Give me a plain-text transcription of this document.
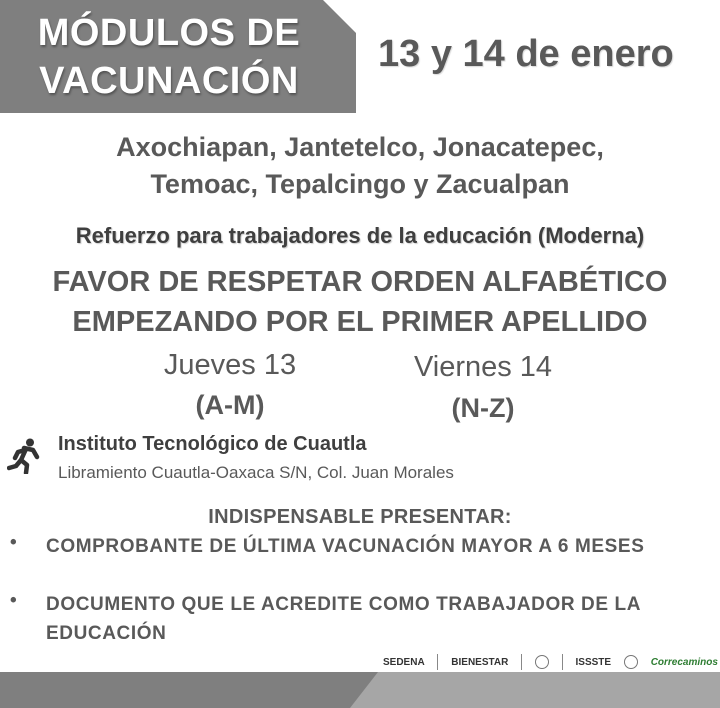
MÓDULOS DE
VACUNACIÓN
13 y 14 de enero
Axochiapan, Jantetelco, Jonacatepec,
Temoac, Tepalcingo y Zacualpan
Refuerzo para trabajadores de la educación (Moderna)
FAVOR DE RESPETAR ORDEN ALFABÉTICO
EMPEZANDO POR EL PRIMER APELLIDO
Jueves 13
(A-M)
Viernes 14
(N-Z)
Instituto Tecnológico de Cuautla
Libramiento Cuautla-Oaxaca S/N, Col. Juan Morales
INDISPENSABLE PRESENTAR:
• COMPROBANTE DE ÚLTIMA VACUNACIÓN MAYOR A 6 MESES
• DOCUMENTO QUE LE ACREDITE COMO TRABAJADOR DE LA EDUCACIÓN
SEDENA	BIENESTAR	ISSSTE	Correcaminos
